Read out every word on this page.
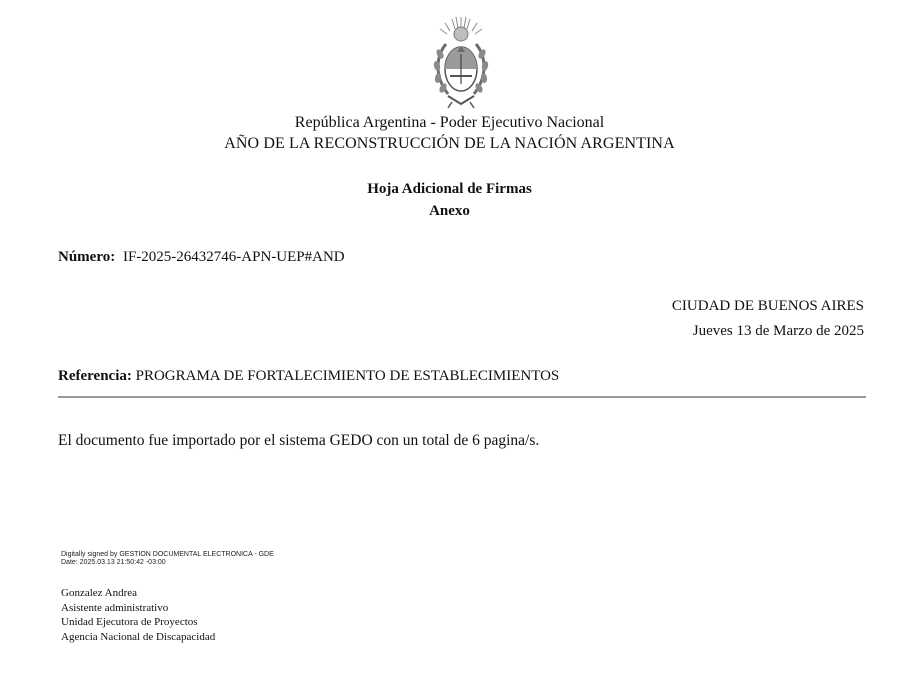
República Argentina - Poder Ejecutivo Nacional
AÑO DE LA RECONSTRUCCIÓN DE LA NACIÓN ARGENTINA
Hoja Adicional de Firmas
Anexo
Número: IF-2025-26432746-APN-UEP#AND
CIUDAD DE BUENOS AIRES
Jueves 13 de Marzo de 2025
Referencia: PROGRAMA DE FORTALECIMIENTO DE ESTABLECIMIENTOS
El documento fue importado por el sistema GEDO con un total de 6 pagina/s.
Digitally signed by GESTION DOCUMENTAL ELECTRONICA - GDE
Date: 2025.03.13 21:50:42 -03:00
Gonzalez Andrea
Asistente administrativo
Unidad Ejecutora de Proyectos
Agencia Nacional de Discapacidad
